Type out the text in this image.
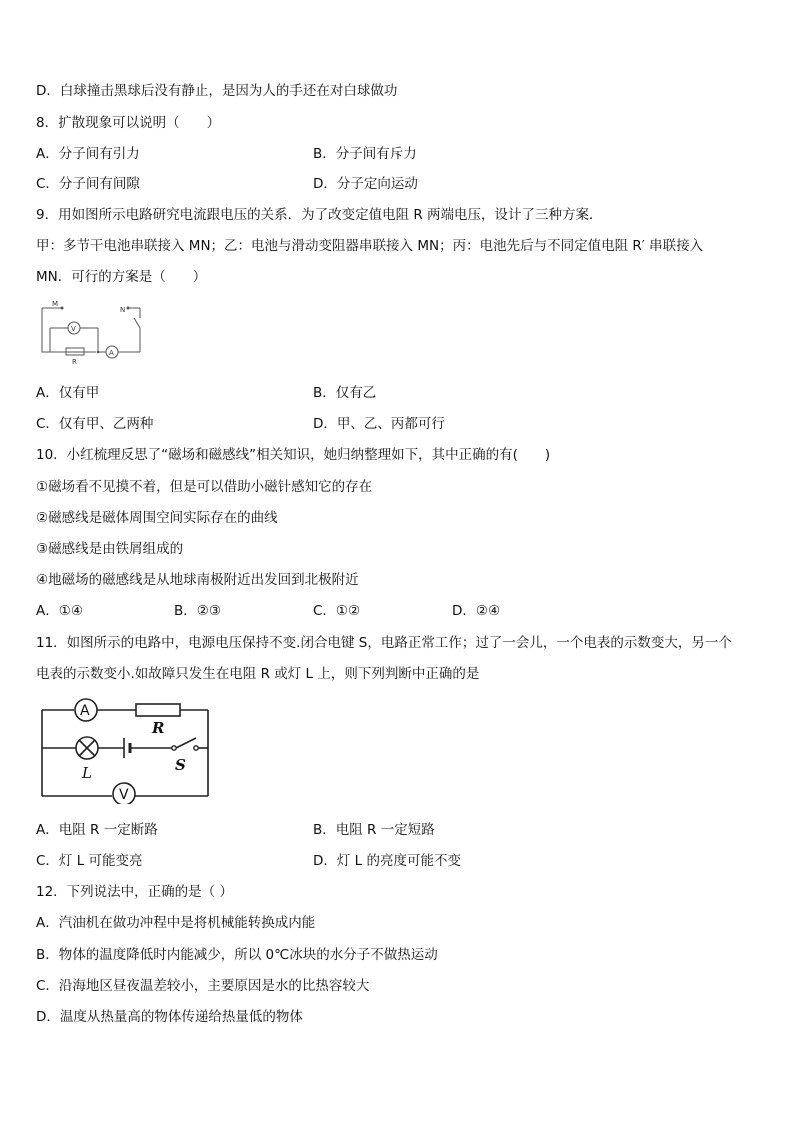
D．白球撞击黑球后没有静止，是因为人的手还在对白球做功
8．扩散现象可以说明（　　）
A．分子间有引力	B．分子间有斥力
C．分子间有间隙	D．分子定向运动
9．用如图所示电路研究电流跟电压的关系．为了改变定值电阻 R 两端电压，设计了三种方案．
甲：多节干电池串联接入 MN；乙：电池与滑动变阻器串联接入 MN；丙：电池先后与不同定值电阻 R′ 串联接入
MN．可行的方案是（　　）
M
N
V
A
R
A．仅有甲	B．仅有乙
C．仅有甲、乙两种	D．甲、乙、丙都可行
10．小红梳理反思了“磁场和磁感线”相关知识，她归纳整理如下，其中正确的有(　　)
①磁场看不见摸不着，但是可以借助小磁针感知它的存在
②磁感线是磁体周围空间实际存在的曲线
③磁感线是由铁屑组成的
④地磁场的磁感线是从地球南极附近出发回到北极附近
A．①④	B．②③	C．①②	D．②④
11．如图所示的电路中，电源电压保持不变.闭合电键 S，电路正常工作；过了一会儿，一个电表的示数变大，另一个
电表的示数变小.如故障只发生在电阻 R 或灯 L 上，则下列判断中正确的是
A
R
L	S
V
A．电阻 R 一定断路	B．电阻 R 一定短路
C．灯 L 可能变亮	D．灯 L 的亮度可能不变
12．下列说法中，正确的是（ ）
A．汽油机在做功冲程中是将机械能转换成内能
B．物体的温度降低时内能减少，所以 0℃冰块的水分子不做热运动
C．沿海地区昼夜温差较小，主要原因是水的比热容较大
D．温度从热量高的物体传递给热量低的物体
